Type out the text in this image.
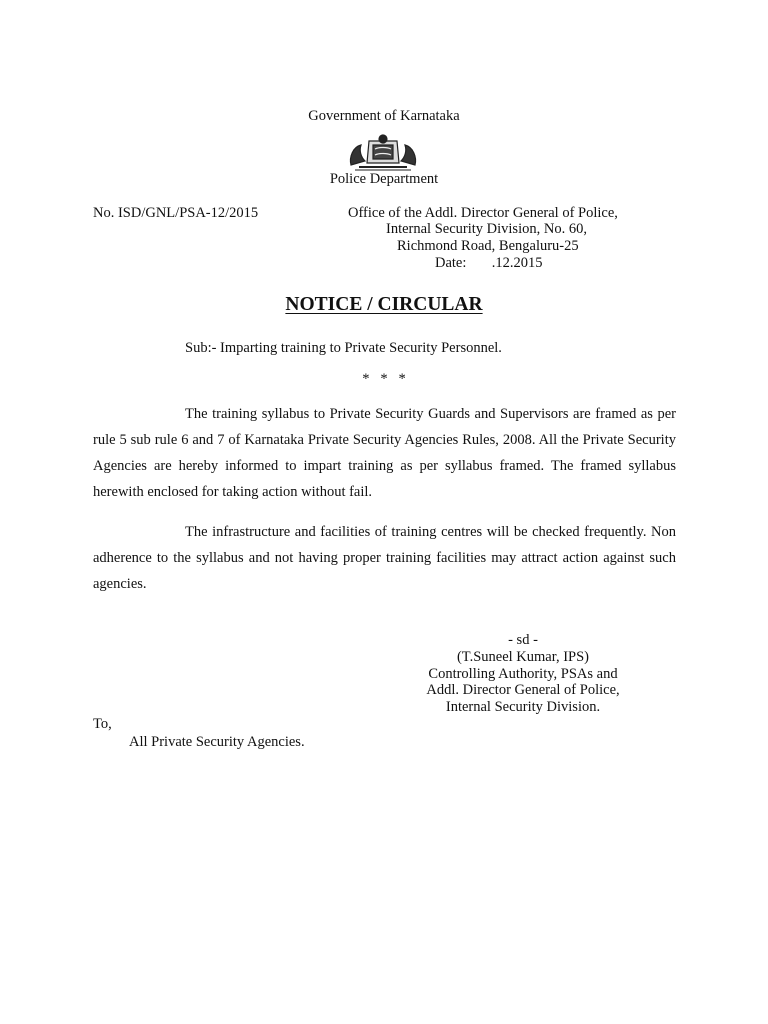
Government of Karnataka
Police Department
No. ISD/GNL/PSA-12/2015	Office of the Addl. Director General of Police,
Internal Security Division, No. 60,
Richmond Road, Bengaluru-25
Date:       .12.2015
NOTICE / CIRCULAR
Sub:- Imparting training to Private Security Personnel.
*   *   *
The training syllabus to Private Security Guards and Supervisors are framed as per rule 5 sub rule 6 and 7 of Karnataka Private Security Agencies Rules, 2008. All the Private Security Agencies are hereby informed to impart training as per syllabus framed. The framed syllabus herewith enclosed for taking action without fail.
The infrastructure and facilities of training centres will be checked frequently. Non adherence to the syllabus and not having proper training facilities may attract action against such agencies.
- sd -
(T.Suneel Kumar, IPS)
Controlling Authority, PSAs and
Addl. Director General of Police,
Internal Security Division.
To,
All Private Security Agencies.
